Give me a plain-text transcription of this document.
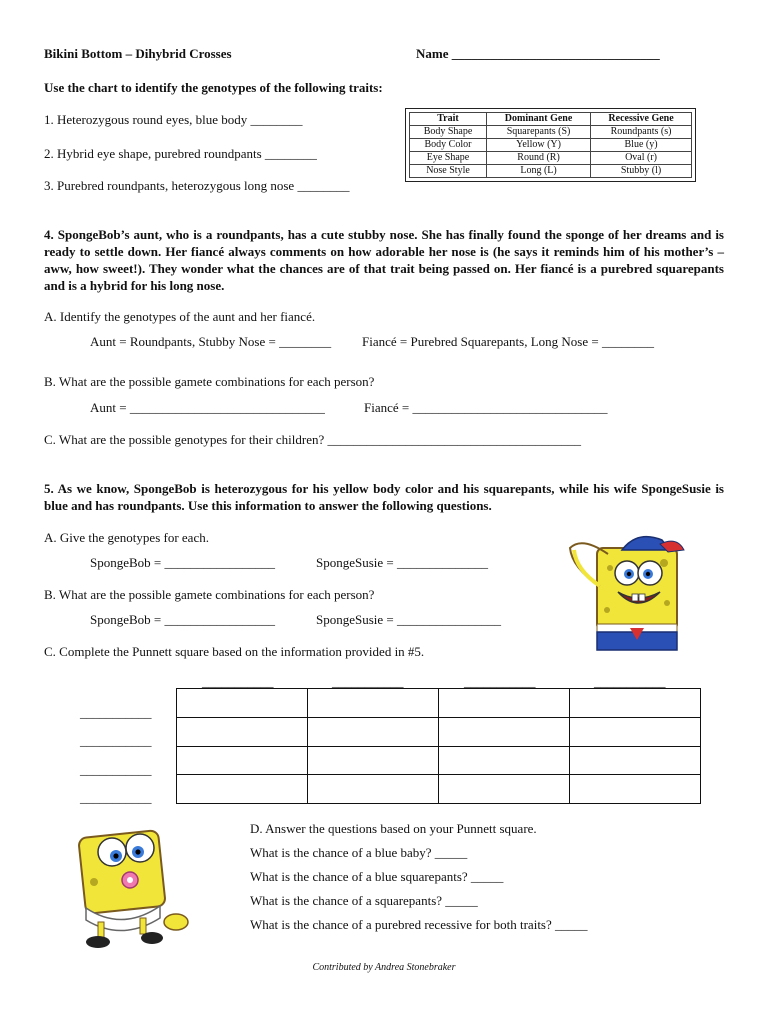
Bikini Bottom – Dihybrid Crosses	Name ________________________________
Use the chart to identify the genotypes of the following traits:
1. Heterozygous round eyes, blue body ________
2. Hybrid eye shape, purebred roundpants ________
3. Purebred roundpants, heterozygous long nose ________
Trait	Dominant Gene	Recessive Gene
Body Shape	Squarepants (S)	Roundpants (s)
Body Color	Yellow (Y)	Blue (y)
Eye Shape	Round (R)	Oval (r)
Nose Style	Long (L)	Stubby (l)
4. SpongeBob’s aunt, who is a roundpants, has a cute stubby nose. She has finally found the sponge of her dreams and is ready to settle down. Her fiancé always comments on how adorable her nose is (he says it reminds him of his mother’s – aww, how sweet!). They wonder what the chances are of that trait being passed on. Her fiancé is a purebred squarepants and is a hybrid for his long nose.
A. Identify the genotypes of the aunt and her fiancé.
Aunt = Roundpants, Stubby Nose = ________ Fiancé = Purebred Squarepants, Long Nose = ________
B. What are the possible gamete combinations for each person?
Aunt = ______________________________	Fiancé = ______________________________
C. What are the possible genotypes for their children? _______________________________________
5. As we know, SpongeBob is heterozygous for his yellow body color and his squarepants, while his wife SpongeSusie is blue and has roundpants. Use this information to answer the following questions.
A. Give the genotypes for each.
SpongeBob = _________________	SpongeSusie = ______________
B. What are the possible gamete combinations for each person?
SpongeBob = _________________	SpongeSusie = ________________
C. Complete the Punnett square based on the information provided in #5.
___________	___________	___________	___________
___________
___________
___________
___________

D. Answer the questions based on your Punnett square.
What is the chance of a blue baby? _____
What is the chance of a blue squarepants? _____
What is the chance of a squarepants? _____
What is the chance of a purebred recessive for both traits? _____
Contributed by Andrea Stonebraker
